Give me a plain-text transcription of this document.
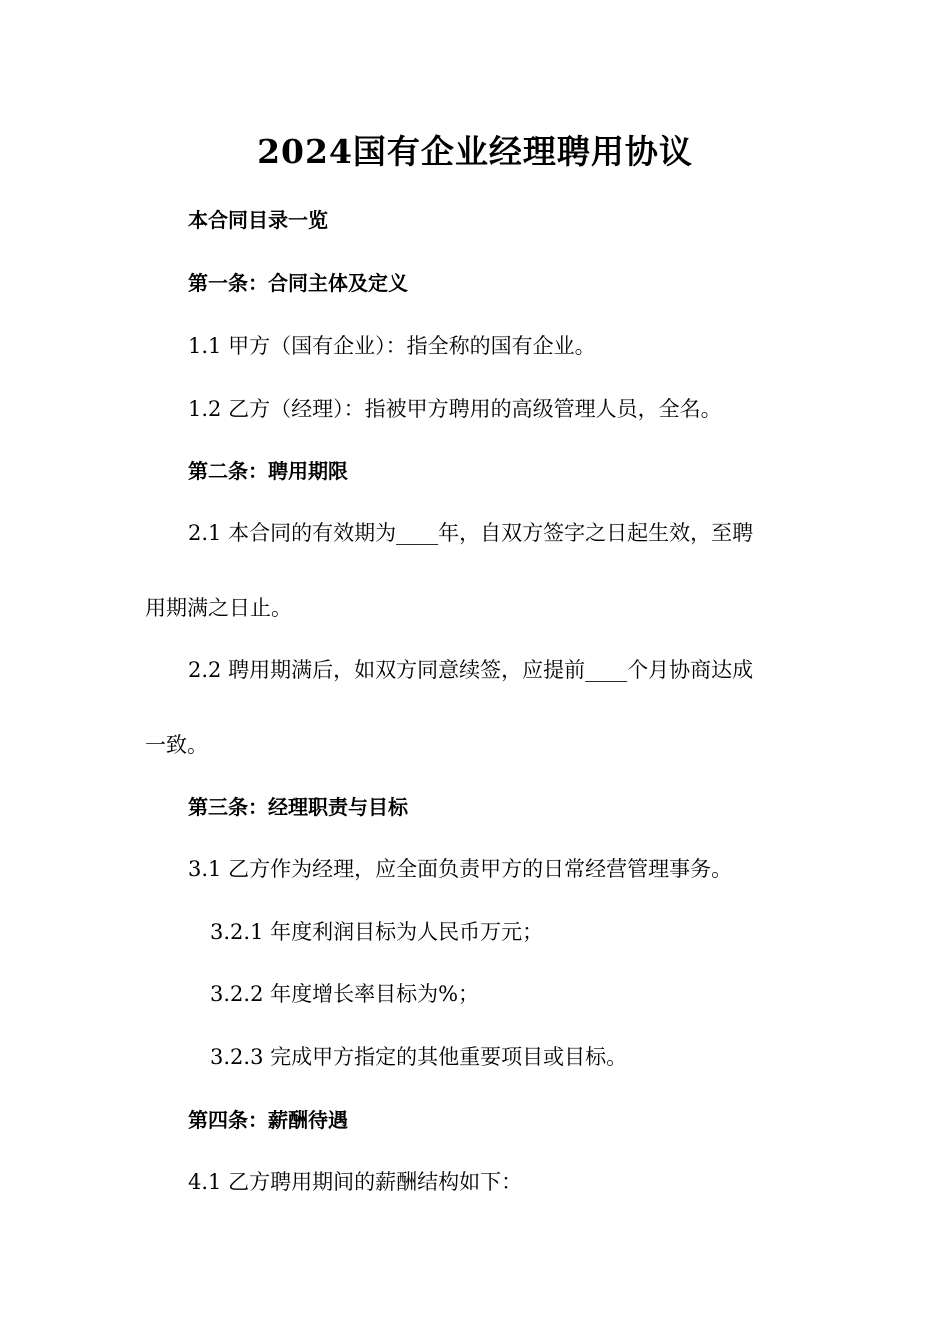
2024国有企业经理聘用协议
本合同目录一览
第一条：合同主体及定义
1.1 甲方（国有企业）：指全称的国有企业。
1.2 乙方（经理）：指被甲方聘用的高级管理人员，全名。
第二条：聘用期限
2.1 本合同的有效期为____年，自双方签字之日起生效，至聘
用期满之日止。
2.2 聘用期满后，如双方同意续签，应提前____个月协商达成
一致。
第三条：经理职责与目标
3.1 乙方作为经理，应全面负责甲方的日常经营管理事务。
3.2.1 年度利润目标为人民币万元；
3.2.2 年度增长率目标为%；
3.2.3 完成甲方指定的其他重要项目或目标。
第四条：薪酬待遇
4.1 乙方聘用期间的薪酬结构如下：
